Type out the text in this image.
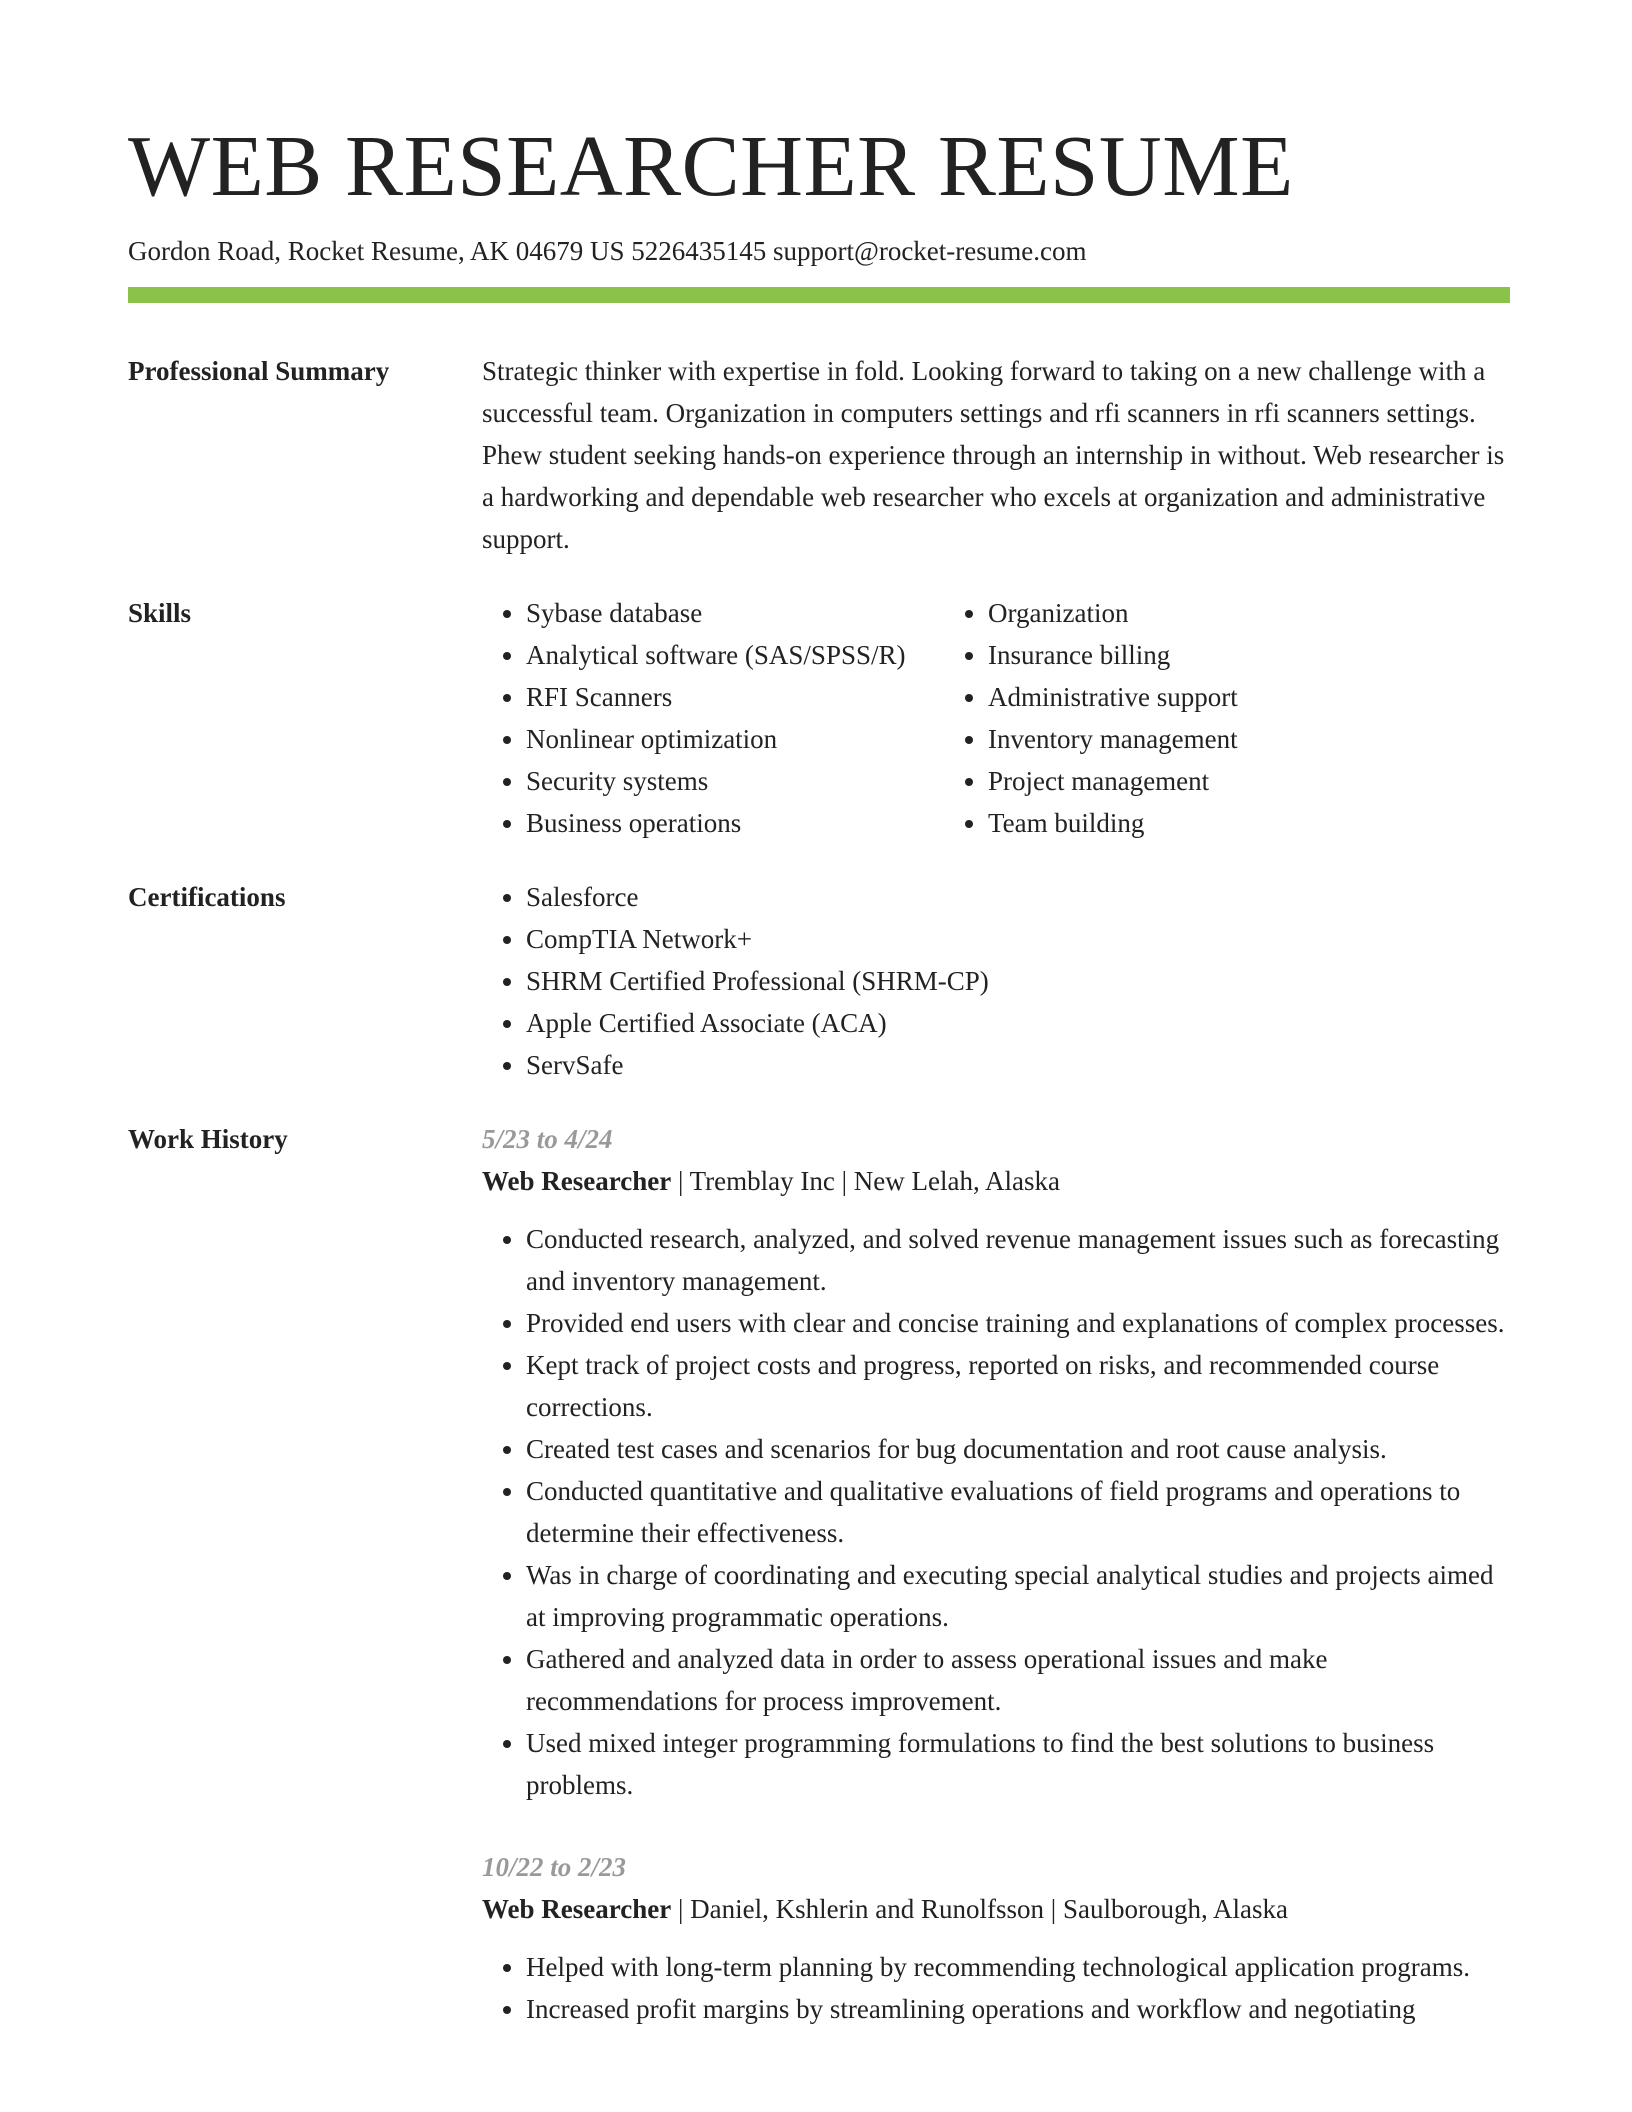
WEB RESEARCHER RESUME
Gordon Road, Rocket Resume, AK 04679 US 5226435145 support@rocket-resume.com
Professional Summary	Strategic thinker with expertise in fold. Looking forward to taking on a new challenge with a successful team. Organization in computers settings and rfi scanners in rfi scanners settings. Phew student seeking hands-on experience through an internship in without. Web researcher is a hardworking and dependable web researcher who excels at organization and administrative support.

Skills	• Sybase database
• Analytical software (SAS/SPSS/R)
• RFI Scanners
• Nonlinear optimization
• Security systems
• Business operations
• Organization
• Insurance billing
• Administrative support
• Inventory management
• Project management
• Team building
Certifications	• Salesforce
• CompTIA Network+
• SHRM Certified Professional (SHRM-CP)
• Apple Certified Associate (ACA)
• ServSafe
Work History	5/23 to 4/24
Web Researcher | Tremblay Inc | New Lelah, Alaska
• Conducted research, analyzed, and solved revenue management issues such as forecasting and inventory management.
• Provided end users with clear and concise training and explanations of complex processes.
• Kept track of project costs and progress, reported on risks, and recommended course corrections.
• Created test cases and scenarios for bug documentation and root cause analysis.
• Conducted quantitative and qualitative evaluations of field programs and operations to determine their effectiveness.
• Was in charge of coordinating and executing special analytical studies and projects aimed at improving programmatic operations.
• Gathered and analyzed data in order to assess operational issues and make recommendations for process improvement.
• Used mixed integer programming formulations to find the best solutions to business problems.
10/22 to 2/23
Web Researcher | Daniel, Kshlerin and Runolfsson | Saulborough, Alaska
• Helped with long-term planning by recommending technological application programs.
• Increased profit margins by streamlining operations and workflow and negotiating
